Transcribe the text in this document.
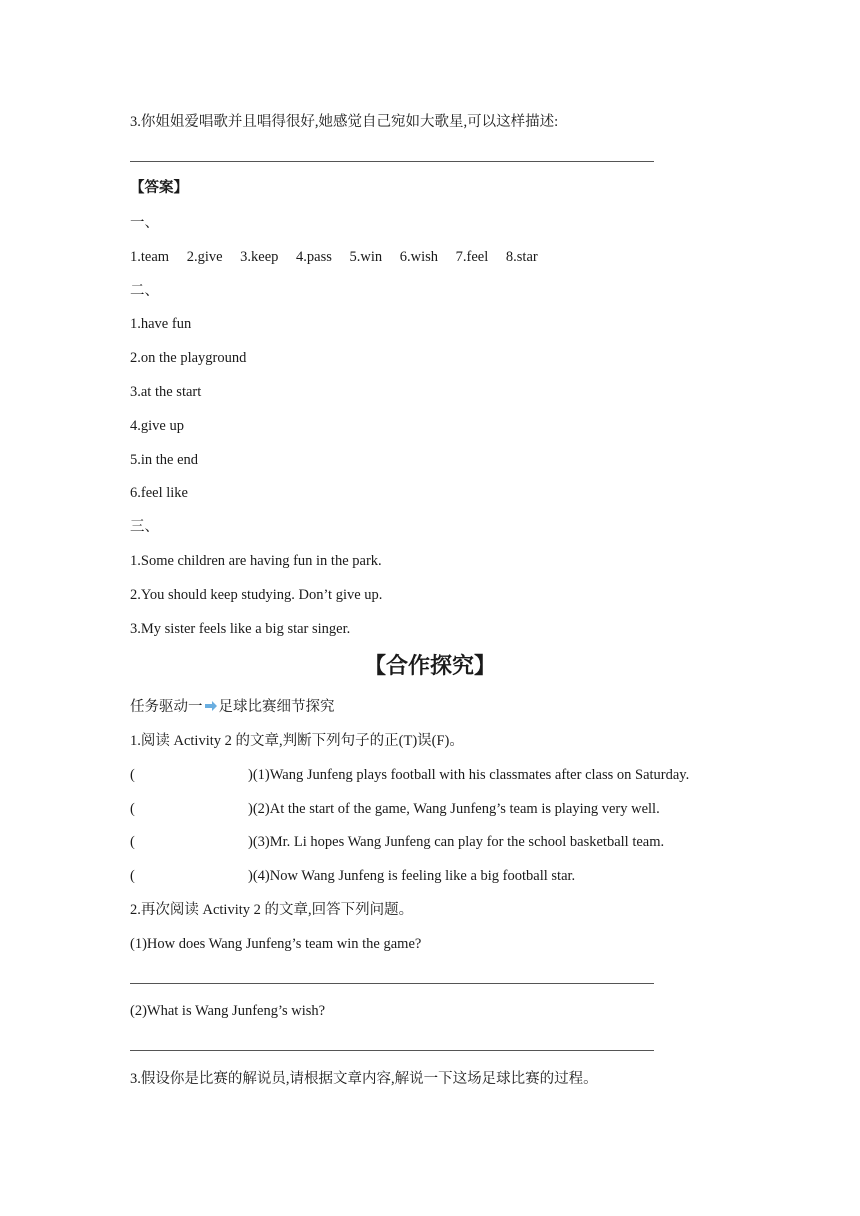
3.你姐姐爱唱歌并且唱得很好,她感觉自己宛如大歌星,可以这样描述:
【答案】
一、
1.team 2.give 3.keep 4.pass 5.win 6.wish 7.feel 8.star
二、
1.have fun
2.on the playground
3.at the start
4.give up
5.in the end
6.feel like
三、
1.Some children are having fun in the park.
2.You should keep studying. Don’t give up.
3.My sister feels like a big star singer.
【合作探究】
任务驱动一 足球比赛细节探究
1.阅读 Activity 2 的文章,判断下列句子的正(T)误(F)。
(	)(1)Wang Junfeng plays football with his classmates after class on Saturday.
(	)(2)At the start of the game, Wang Junfeng’s team is playing very well.
(	)(3)Mr. Li hopes Wang Junfeng can play for the school basketball team.
(	)(4)Now Wang Junfeng is feeling like a big football star.
2.再次阅读 Activity 2 的文章,回答下列问题。
(1)How does Wang Junfeng’s team win the game?
(2)What is Wang Junfeng’s wish?
3.假设你是比赛的解说员,请根据文章内容,解说一下这场足球比赛的过程。
